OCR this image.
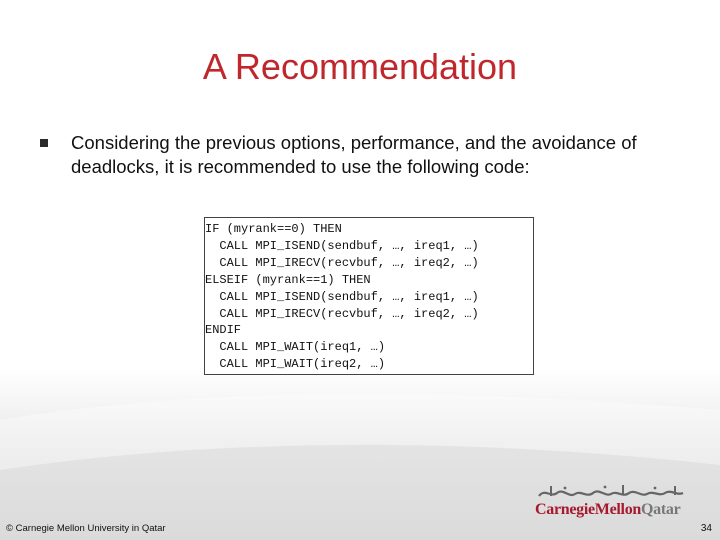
A Recommendation
Considering the previous options, performance, and the avoidance of deadlocks, it is recommended to use the following code:
IF (myrank==0) THEN
CALL MPI_ISEND(sendbuf, …, ireq1, …)
CALL MPI_IRECV(recvbuf, …, ireq2, …)
ELSEIF (myrank==1) THEN
CALL MPI_ISEND(sendbuf, …, ireq1, …)
CALL MPI_IRECV(recvbuf, …, ireq2, …)
ENDIF
CALL MPI_WAIT(ireq1, …)
CALL MPI_WAIT(ireq2, …)
CarnegieMellonQatar
© Carnegie Mellon University in Qatar	34
